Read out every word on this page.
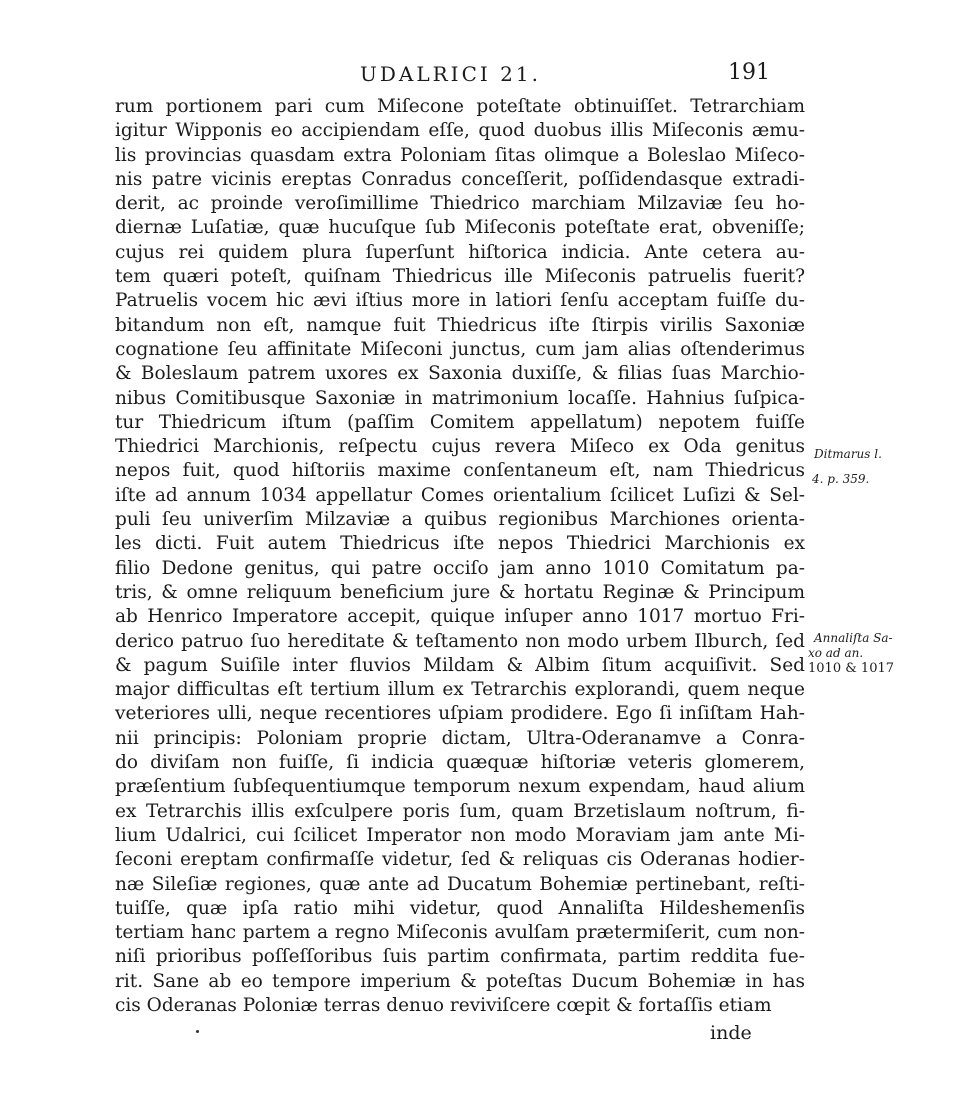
UDALRICI 21.	191
rum portionem pari cum Miſecone poteſtate obtinuiſſet. Tetrarchiam
igitur Wipponis eo accipiendam eſſe, quod duobus illis Miſeconis æmu-
lis provincias quasdam extra Poloniam ſitas olimque a Boleslao Miſeco-
nis patre vicinis ereptas Conradus conceſſerit, poſſidendasque extradi-
derit, ac proinde veroſimillime Thiedrico marchiam Milzaviæ ſeu ho-
diernæ Luſatiæ, quæ hucuſque ſub Miſeconis poteſtate erat, obveniſſe;
cujus rei quidem plura ſuperſunt hiſtorica indicia. Ante cetera au-
tem quæri poteſt, quiſnam Thiedricus ille Miſeconis patruelis fuerit?
Patruelis vocem hic ævi iſtius more in latiori ſenſu acceptam fuiſſe du-
bitandum non eſt, namque fuit Thiedricus iſte ſtirpis virilis Saxoniæ
cognatione ſeu affinitate Miſeconi junctus, cum jam alias oſtenderimus
& Boleslaum patrem uxores ex Saxonia duxiſſe, & filias ſuas Marchio-
nibus Comitibusque Saxoniæ in matrimonium locaſſe. Hahnius ſuſpica-
tur Thiedricum iſtum (paſſim Comitem appellatum) nepotem fuiſſe
Thiedrici Marchionis, reſpectu cujus revera Miſeco ex Oda genitus
nepos fuit, quod hiſtoriis maxime conſentaneum eſt, nam Thiedricus
iſte ad annum 1034 appellatur Comes orientalium ſcilicet Luſizi & Sel-
puli ſeu univerſim Milzaviæ a quibus regionibus Marchiones orienta-
les dicti. Fuit autem Thiedricus iſte nepos Thiedrici Marchionis ex
filio Dedone genitus, qui patre occiſo jam anno 1010 Comitatum pa-
tris, & omne reliquum beneficium jure & hortatu Reginæ & Principum
ab Henrico Imperatore accepit, quique inſuper anno 1017 mortuo Fri-
derico patruo ſuo hereditate & teſtamento non modo urbem Ilburch, ſed
& pagum Suiſile inter fluvios Mildam & Albim ſitum acquiſivit. Sed
major difficultas eſt tertium illum ex Tetrarchis explorandi, quem neque
veteriores ulli, neque recentiores uſpiam prodidere. Ego ſi inſiſtam Hah-
nii principis: Poloniam proprie dictam, Ultra-Oderanamve a Conra-
do diviſam non fuiſſe, ſi indicia quæquæ hiſtoriæ veteris glomerem,
præſentium ſubſequentiumque temporum nexum expendam, haud alium
ex Tetrarchis illis exſculpere poris ſum, quam Brzetislaum noſtrum, fi-
lium Udalrici, cui ſcilicet Imperator non modo Moraviam jam ante Mi-
ſeconi ereptam confirmaſſe videtur, ſed & reliquas cis Oderanas hodier-
næ Sileſiæ regiones, quæ ante ad Ducatum Bohemiæ pertinebant, reſti-
tuiſſe, quæ ipſa ratio mihi videtur, quod Annaliſta Hildeshemenſis
tertiam hanc partem a regno Miſeconis avulſam prætermiſerit, cum non-
niſi prioribus poſſeſſoribus ſuis partim confirmata, partim reddita fue-
rit. Sane ab eo tempore imperium & poteſtas Ducum Bohemiæ in has
cis Oderanas Poloniæ terras denuo reviviſcere cœpit & fortaſſis etiam
inde
Ditmarus l.
4. p. 359.
Annaliſta Sa-
xo ad an.
1010 & 1017
